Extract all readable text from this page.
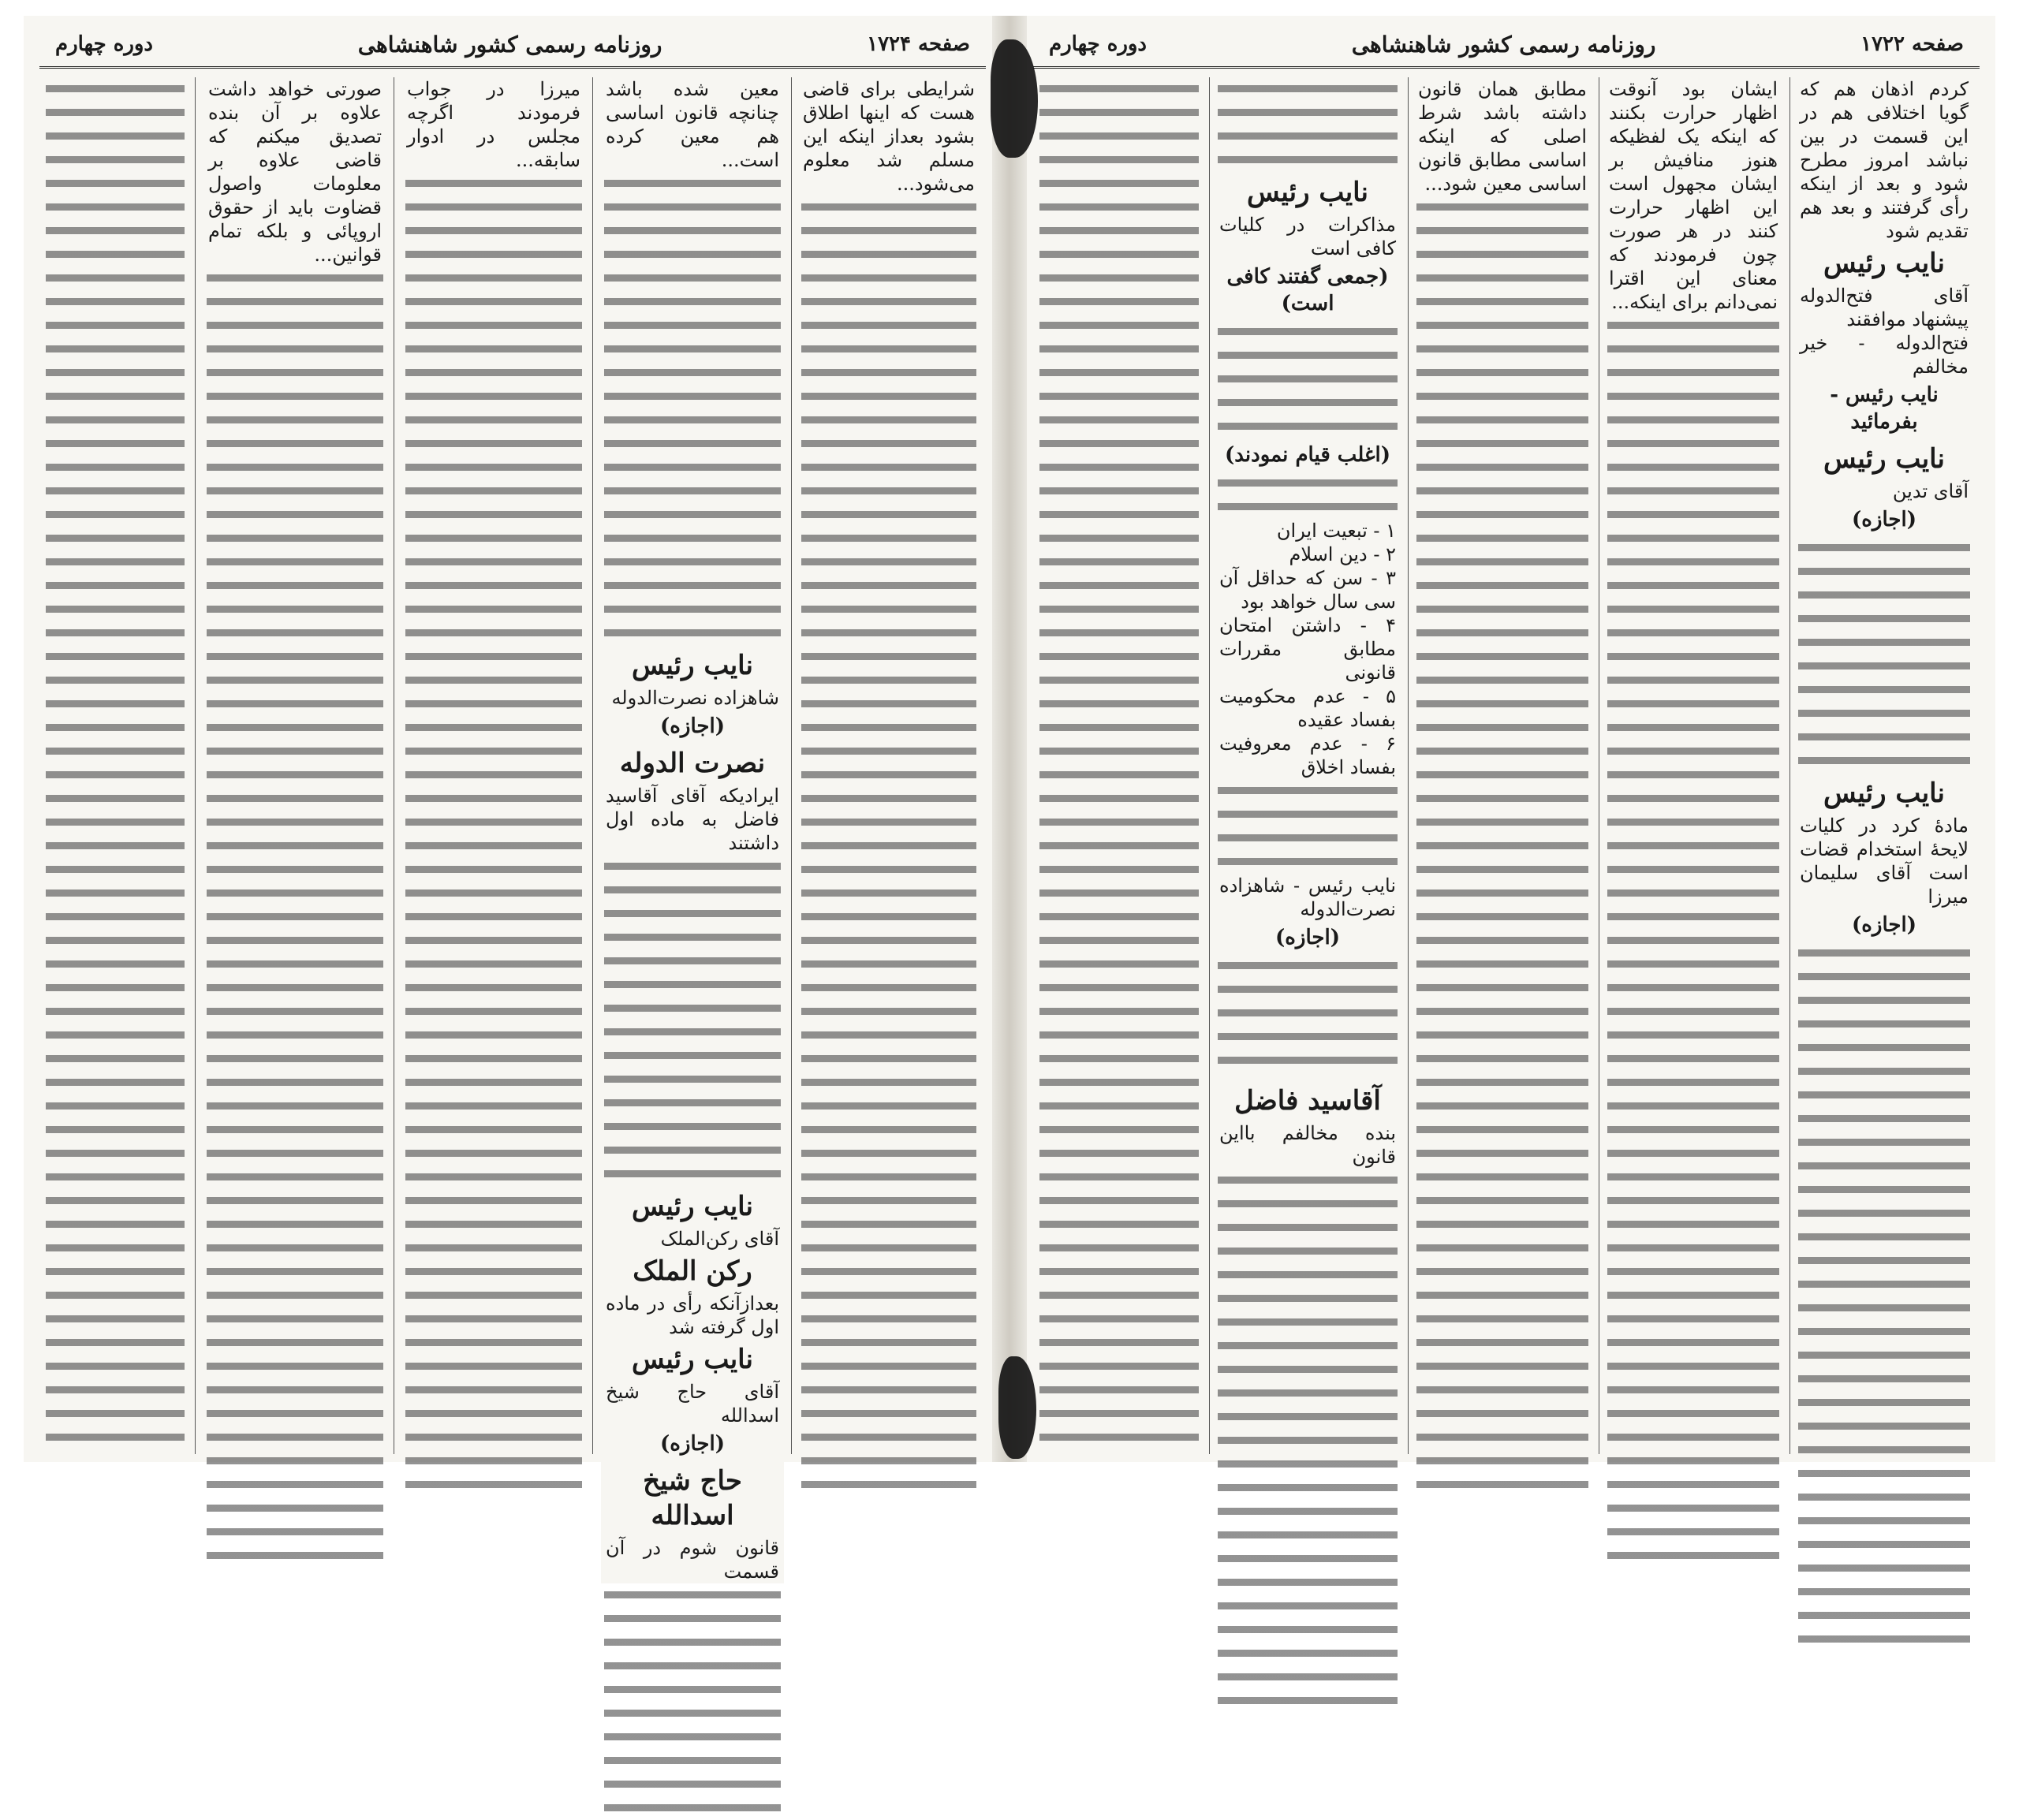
صفحه ۱۷۲۲
روزنامه رسمی کشور شاهنشاهی
دوره چهارم
کردم اذهان هم که گویا اختلافی هم در این قسمت در بین نباشد امروز مطرح شود و بعد از اینکه رأی گرفتند و بعد هم تقدیم شود
نایب رئیس
آقای فتح‌الدوله پیشنهاد موافقند
فتح‌الدوله - خیر مخالفم
نایب رئیس - بفرمائید
نایب رئیس
آقای تدین
(اجازه)
نایب رئیس
مادهٔ کرد در کلیات لایحهٔ استخدام قضات است آقای سلیمان میرزا
(اجازه)
ایشان بود آنوقت اظهار حرارت بکنند که اینکه یک لفظیکه هنوز منافیش بر ایشان مجهول است این اظهار حرارت کنند در هر صورت چون فرمودند که معنای این اقترا نمی‌دانم برای اینکه...
مطابق همان قانون داشته باشد شرط اصلی که اینکه اساسی مطابق قانون اساسی معین شود...
نایب رئیس
مذاکرات در کلیات کافی است
(جمعی گفتند کافی است)
(اغلب قیام نمودند)
۱ - تبعیت ایران
۲ - دین اسلام
۳ - سن که حداقل آن سی سال خواهد بود
۴ - داشتن امتحان مطابق مقررات قانونی
۵ - عدم محکومیت بفساد عقیده
۶ - عدم معروفیت بفساد اخلاق
نایب رئیس - شاهزاده نصرت‌الدوله
(اجازه)
آقاسید فاضل
بنده مخالفم بااین قانون
صفحه ۱۷۲۴
روزنامه رسمی کشور شاهنشاهی
دوره چهارم
شرایطی برای قاضی هست که اینها اطلاق بشود بعداز اینکه این مسلم شد معلوم می‌شود...
معین شده باشد چنانچه قانون اساسی هم معین کرده است...
نایب رئیس
شاهزاده نصرت‌الدوله
(اجازه)
نصرت الدوله
ایرادیکه آقای آقاسید فاضل به ماده اول داشتند
نایب رئیس
آقای رکن‌الملک
رکن الملک
بعدازآنکه رأی در ماده اول گرفته شد
نایب رئیس
آقای حاج شیخ اسدالله
(اجازه)
حاج شیخ اسدالله
قانون شوم در آن قسمت
میرزا در جواب فرمودند اگرچه مجلس در ادوار سابقه...
صورتی خواهد داشت علاوه بر آن بنده تصدیق میکنم که قاضی علاوه بر معلومات واصول قضاوت باید از حقوق اروپائی و بلکه تمام قوانین...
